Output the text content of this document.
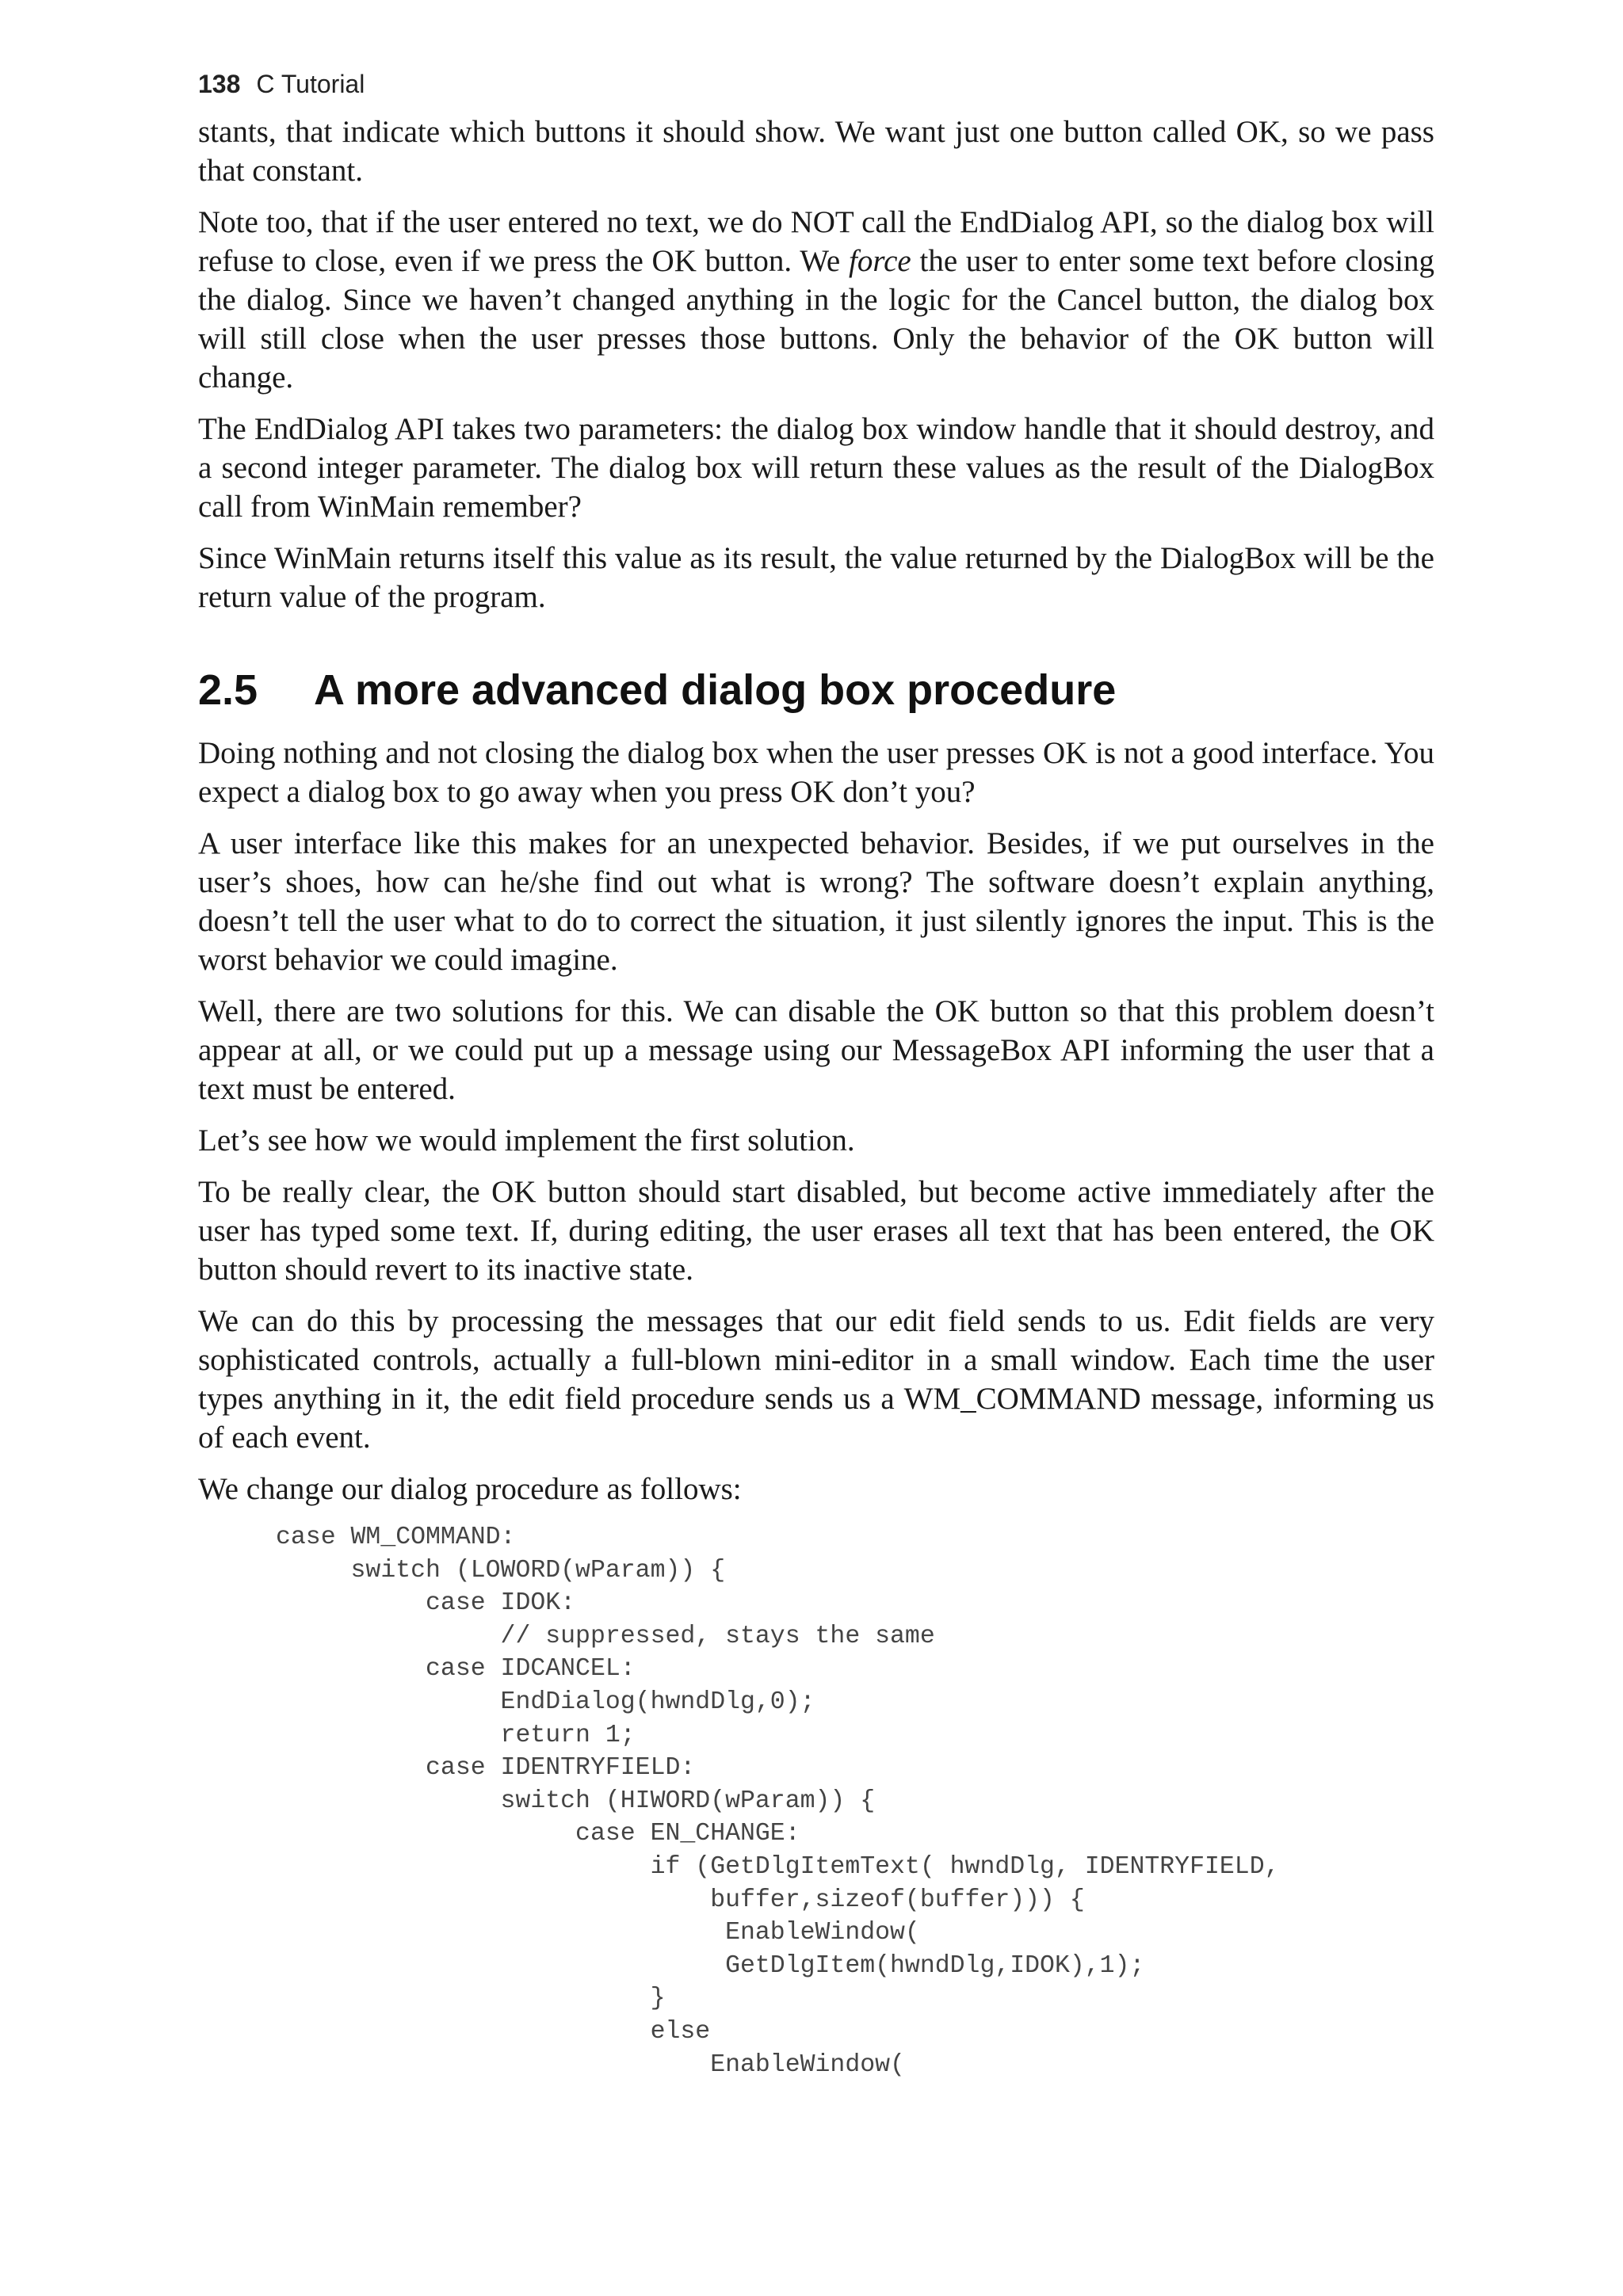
138 C Tutorial

stants, that indicate which buttons it should show. We want just one button called OK, so we pass that constant.

Note too, that if the user entered no text, we do NOT call the EndDialog API, so the dialog box will refuse to close, even if we press the OK button. We force the user to enter some text before closing the dialog. Since we haven’t changed anything in the logic for the Cancel button, the dialog box will still close when the user presses those buttons. Only the behavior of the OK button will change.

The EndDialog API takes two parameters: the dialog box window handle that it should destroy, and a second integer parameter. The dialog box will return these values as the result of the DialogBox call from WinMain remember?

Since WinMain returns itself this value as its result, the value returned by the DialogBox will be the return value of the program.

2.5 A more advanced dialog box procedure

Doing nothing and not closing the dialog box when the user presses OK is not a good interface. You expect a dialog box to go away when you press OK don’t you?

A user interface like this makes for an unexpected behavior. Besides, if we put ourselves in the user’s shoes, how can he/she find out what is wrong? The software doesn’t explain anything, doesn’t tell the user what to do to correct the situation, it just silently ignores the input. This is the worst behavior we could imagine.

Well, there are two solutions for this. We can disable the OK button so that this problem doesn’t appear at all, or we could put up a message using our MessageBox API informing the user that a text must be entered.

Let’s see how we would implement the first solution.

To be really clear, the OK button should start disabled, but become active immediately after the user has typed some text. If, during editing, the user erases all text that has been entered, the OK button should revert to its inactive state.

We can do this by processing the messages that our edit field sends to us. Edit fields are very sophisticated controls, actually a full-blown mini-editor in a small window. Each time the user types anything in it, the edit field procedure sends us a WM_COMMAND message, informing us of each event.

We change our dialog procedure as follows:

case WM_COMMAND:
switch (LOWORD(wParam)) {
case IDOK:
// suppressed, stays the same
case IDCANCEL:
EndDialog(hwndDlg,0);
return 1;
case IDENTRYFIELD:
switch (HIWORD(wParam)) {
case EN_CHANGE:
if (GetDlgItemText( hwndDlg, IDENTRYFIELD,
buffer,sizeof(buffer))) {
EnableWindow(
GetDlgItem(hwndDlg,IDOK),1);
}
else
EnableWindow(
